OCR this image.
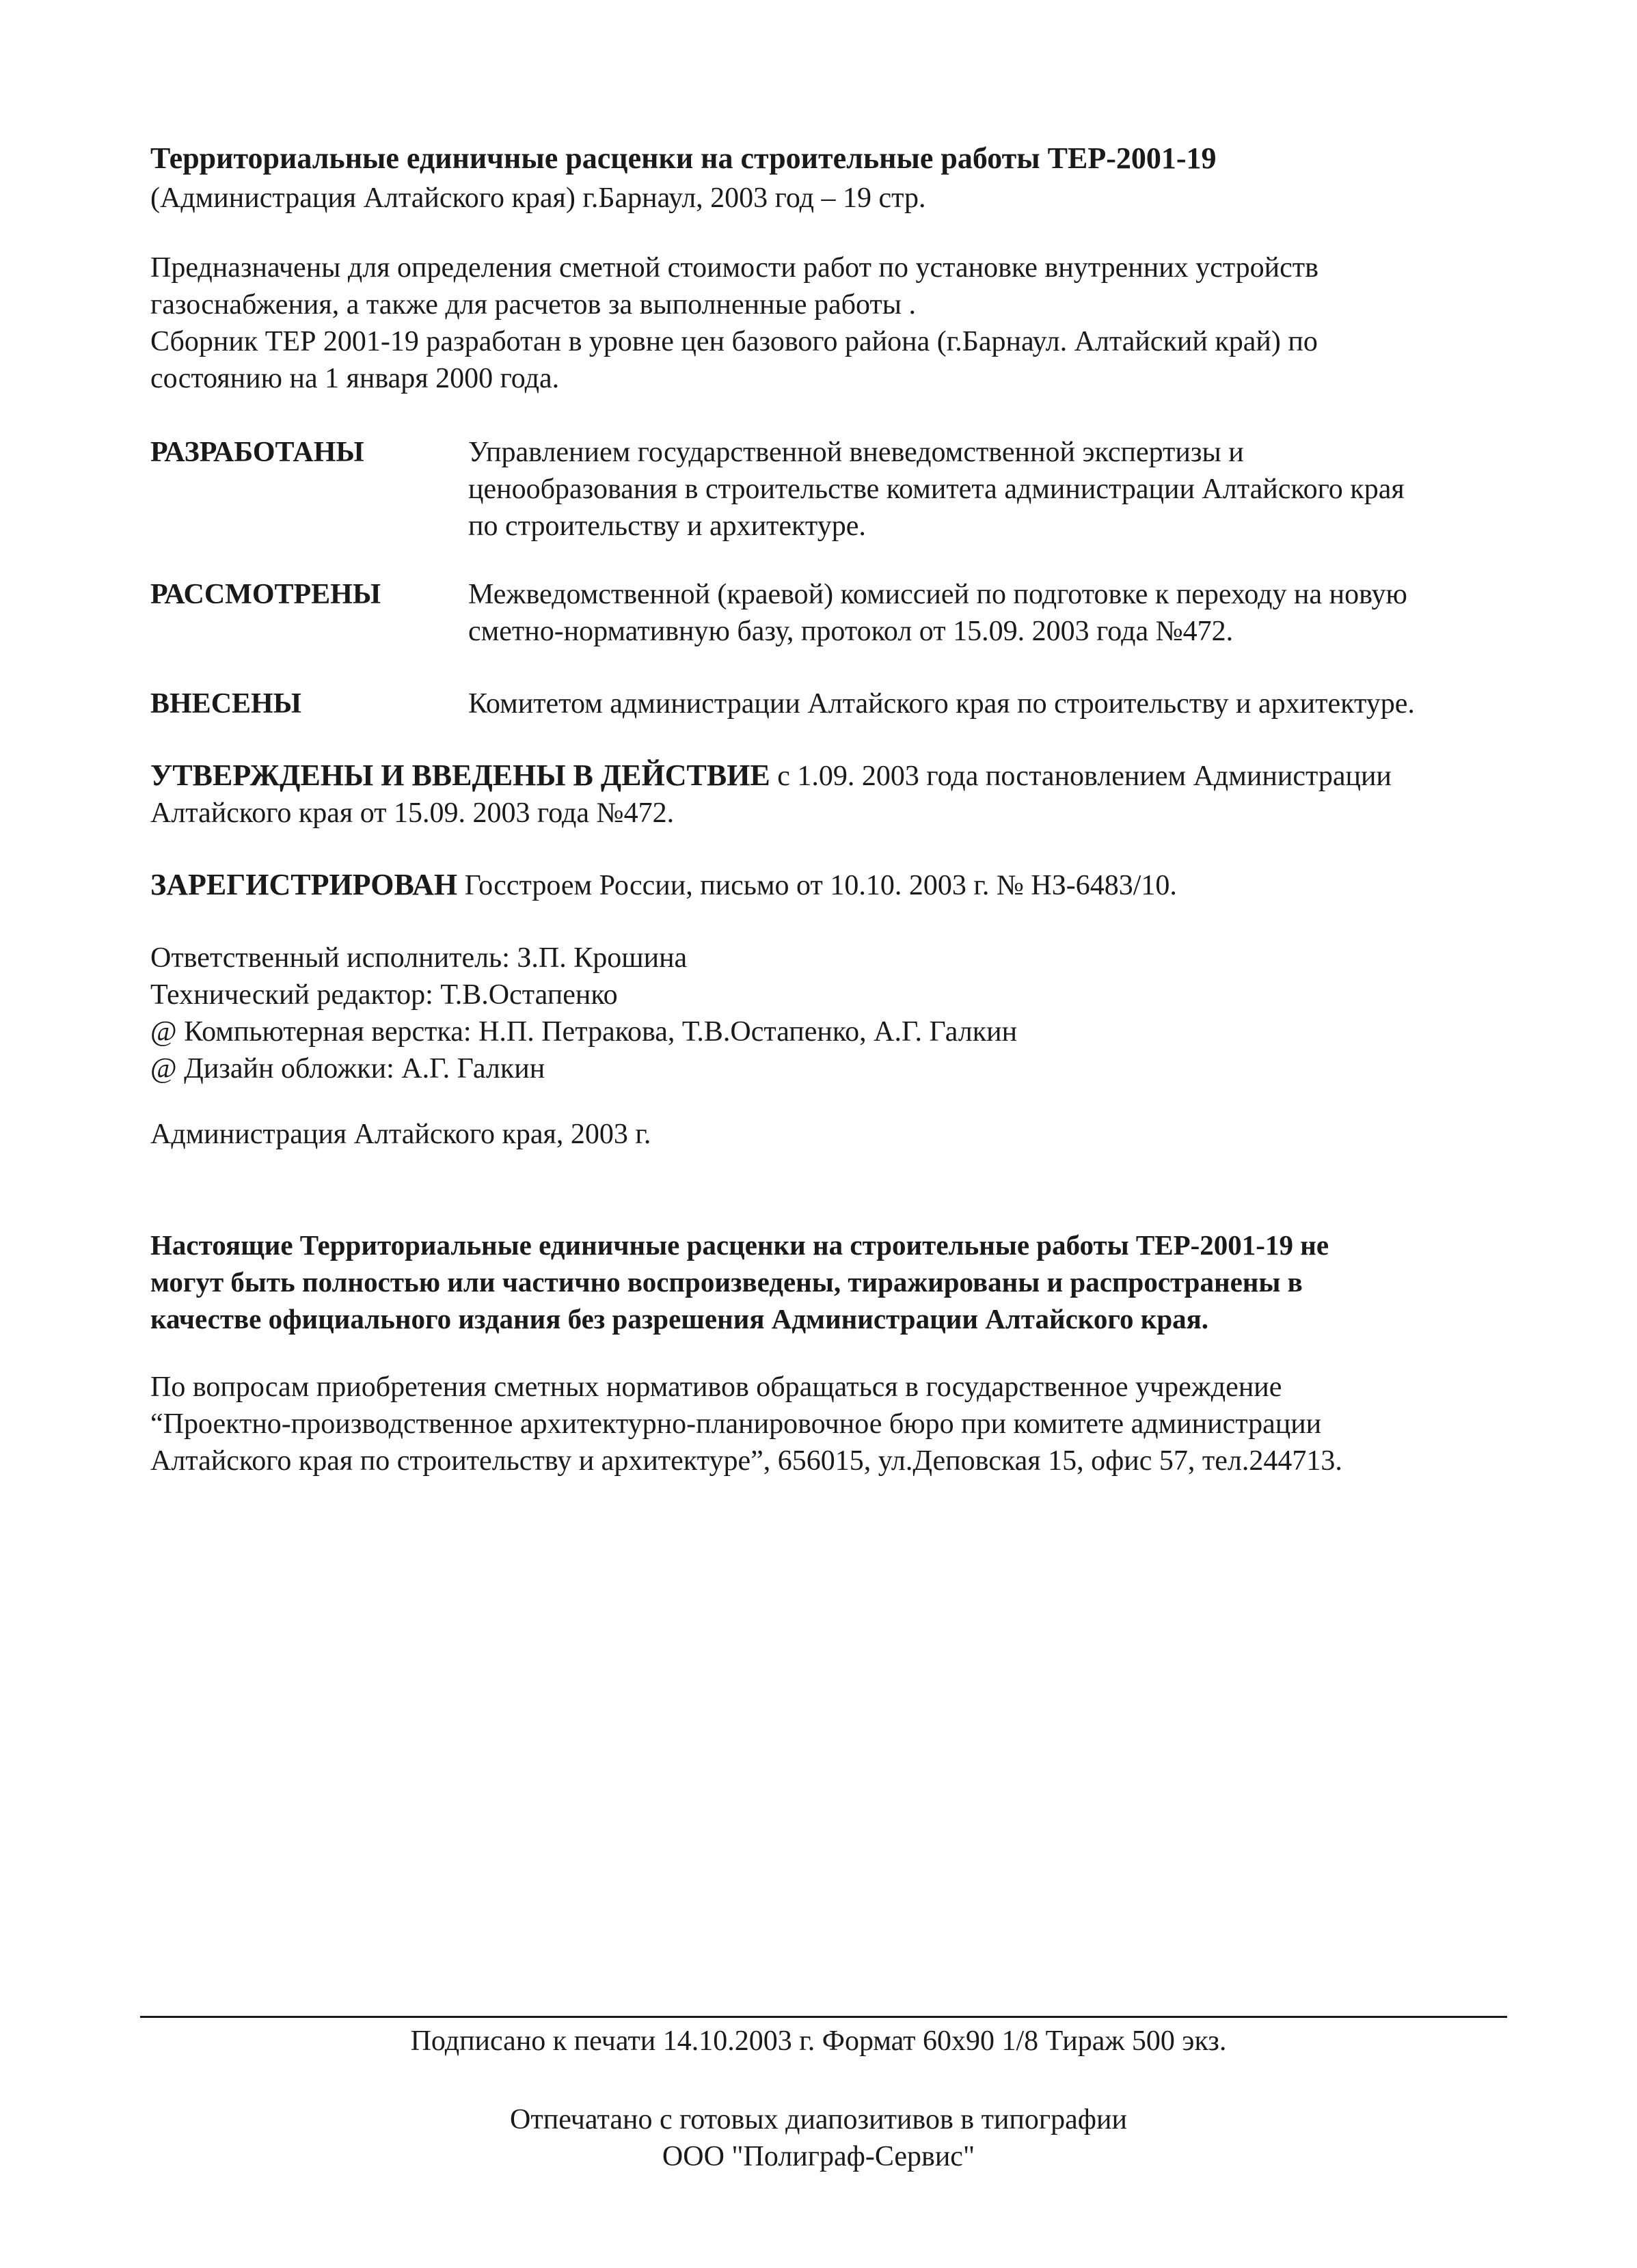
Территориальные единичные расценки на строительные работы ТЕР-2001-19
(Администрация Алтайского края) г.Барнаул, 2003 год – 19 стр.
Предназначены для определения сметной стоимости работ по установке внутренних устройств
газоснабжения, а также для расчетов за выполненные работы .
Сборник ТЕР 2001-19 разработан в уровне цен базового района (г.Барнаул. Алтайский край) по
состоянию на 1 января 2000 года.
РАЗРАБОТАНЫ	Управлением государственной вневедомственной экспертизы и
ценообразования в строительстве комитета администрации Алтайского края
по строительству и архитектуре.
РАССМОТРЕНЫ	Межведомственной (краевой) комиссией по подготовке к переходу на новую
сметно-нормативную базу, протокол от 15.09. 2003 года №472.
ВНЕСЕНЫ	Комитетом администрации Алтайского края по строительству и архитектуре.
УТВЕРЖДЕНЫ И ВВЕДЕНЫ В ДЕЙСТВИЕ с 1.09. 2003 года постановлением Администрации
Алтайского края от 15.09. 2003 года №472.
ЗАРЕГИСТРИРОВАН Госстроем России, письмо от 10.10. 2003 г. № НЗ-6483/10.
Ответственный исполнитель: З.П. Крошина
Технический редактор: Т.В.Остапенко
@ Компьютерная верстка: Н.П. Петракова, Т.В.Остапенко, А.Г. Галкин
@ Дизайн обложки: А.Г. Галкин
Администрация Алтайского края, 2003 г.
Настоящие Территориальные единичные расценки на строительные работы ТЕР-2001-19 не
могут быть полностью или частично воспроизведены, тиражированы и распространены в
качестве официального издания без разрешения Администрации Алтайского края.
По вопросам приобретения сметных нормативов обращаться в государственное учреждение
“Проектно-производственное архитектурно-планировочное бюро при комитете администрации
Алтайского края по строительству и архитектуре”, 656015, ул.Деповская 15, офис 57, тел.244713.
Подписано к печати 14.10.2003 г. Формат 60х90 1/8 Тираж 500 экз.
Отпечатано с готовых диапозитивов в типографии
ООО "Полиграф-Сервис"
